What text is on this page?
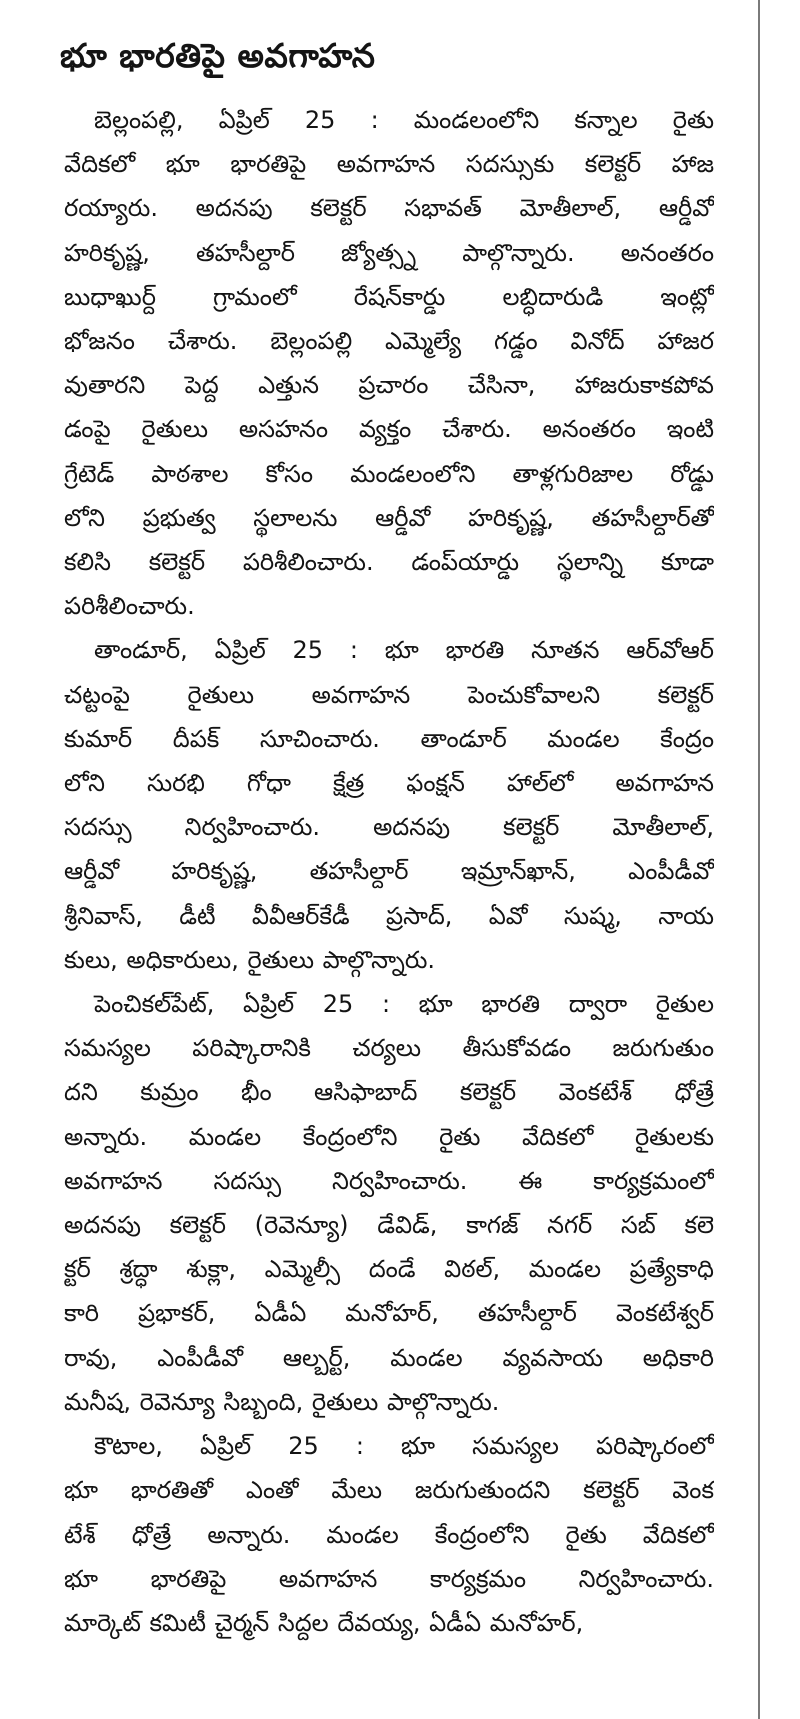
భూ భారతిపై అవగాహన

బెల్లంపల్లి, ఏప్రిల్ 25 : మండలంలోని కన్నాల రైతు
వేదికలో భూ భారతిపై అవగాహన సదస్సుకు కలెక్టర్ హాజ
రయ్యారు. అదనపు కలెక్టర్ సభావత్ మోతీలాల్, ఆర్డీవో
హరికృష్ణ, తహసీల్దార్ జ్యోత్స్న పాల్గొన్నారు. అనంతరం
బుధాఖుర్ద్ గ్రామంలో రేషన్‌కార్డు లబ్ధిదారుడి ఇంట్లో
భోజనం చేశారు. బెల్లంపల్లి ఎమ్మెల్యే గడ్డం వినోద్ హాజర
వుతారని పెద్ద ఎత్తున ప్రచారం చేసినా, హాజరుకాకపోవ
డంపై రైతులు అసహనం వ్యక్తం చేశారు. అనంతరం ఇంటి
గ్రేటెడ్ పాఠశాల కోసం మండలంలోని తాళ్లగురిజాల రోడ్డు
లోని ప్రభుత్వ స్థలాలను ఆర్డీవో హరికృష్ణ, తహసీల్దార్‌తో
కలిసి కలెక్టర్ పరిశీలించారు. డంప్‌యార్డు స్థలాన్ని కూడా
పరిశీలించారు.

తాండూర్, ఏప్రిల్ 25 : భూ భారతి నూతన ఆర్‌వోఆర్
చట్టంపై రైతులు అవగాహన పెంచుకోవాలని కలెక్టర్
కుమార్ దీపక్ సూచించారు. తాండూర్ మండల కేంద్రం
లోని సురభి గోధా క్షేత్ర ఫంక్షన్ హాల్‌లో అవగాహన
సదస్సు నిర్వహించారు. అదనపు కలెక్టర్ మోతీలాల్,
ఆర్డీవో హరికృష్ణ, తహసీల్దార్ ఇమ్రాన్‌ఖాన్, ఎంపీడీవో
శ్రీనివాస్, డీటీ వీవీఆర్‌కేడీ ప్రసాద్, ఏవో సుష్మ, నాయ
కులు, అధికారులు, రైతులు పాల్గొన్నారు.

పెంచికల్‌పేట్, ఏప్రిల్ 25 : భూ భారతి ద్వారా రైతుల
సమస్యల పరిష్కారానికి చర్యలు తీసుకోవడం జరుగుతుం
దని కుమ్రం భీం ఆసిఫాబాద్ కలెక్టర్ వెంకటేశ్ ధోత్రే
అన్నారు. మండల కేంద్రంలోని రైతు వేదికలో రైతులకు
అవగాహన సదస్సు నిర్వహించారు. ఈ కార్యక్రమంలో
అదనపు కలెక్టర్ (రెవెన్యూ) డేవిడ్, కాగజ్ నగర్ సబ్ కలె
క్టర్ శ్రద్ధా శుక్లా, ఎమ్మెల్సీ దండే విఠల్, మండల ప్రత్యేకాధి
కారి ప్రభాకర్, ఏడీఏ మనోహర్, తహసీల్దార్ వెంకటేశ్వర్
రావు, ఎంపీడీవో ఆల్బర్ట్, మండల వ్యవసాయ అధికారి
మనీష, రెవెన్యూ సిబ్బంది, రైతులు పాల్గొన్నారు.

కౌటాల, ఏప్రిల్ 25 : భూ సమస్యల పరిష్కారంలో
భూ భారతితో ఎంతో మేలు జరుగుతుందని కలెక్టర్ వెంక
టేశ్ ధోత్రే అన్నారు. మండల కేంద్రంలోని రైతు వేదికలో
భూ భారతిపై అవగాహన కార్యక్రమం నిర్వహించారు.
మార్కెట్ కమిటీ చైర్మన్ సిద్దల దేవయ్య, ఏడీఏ మనోహర్,
